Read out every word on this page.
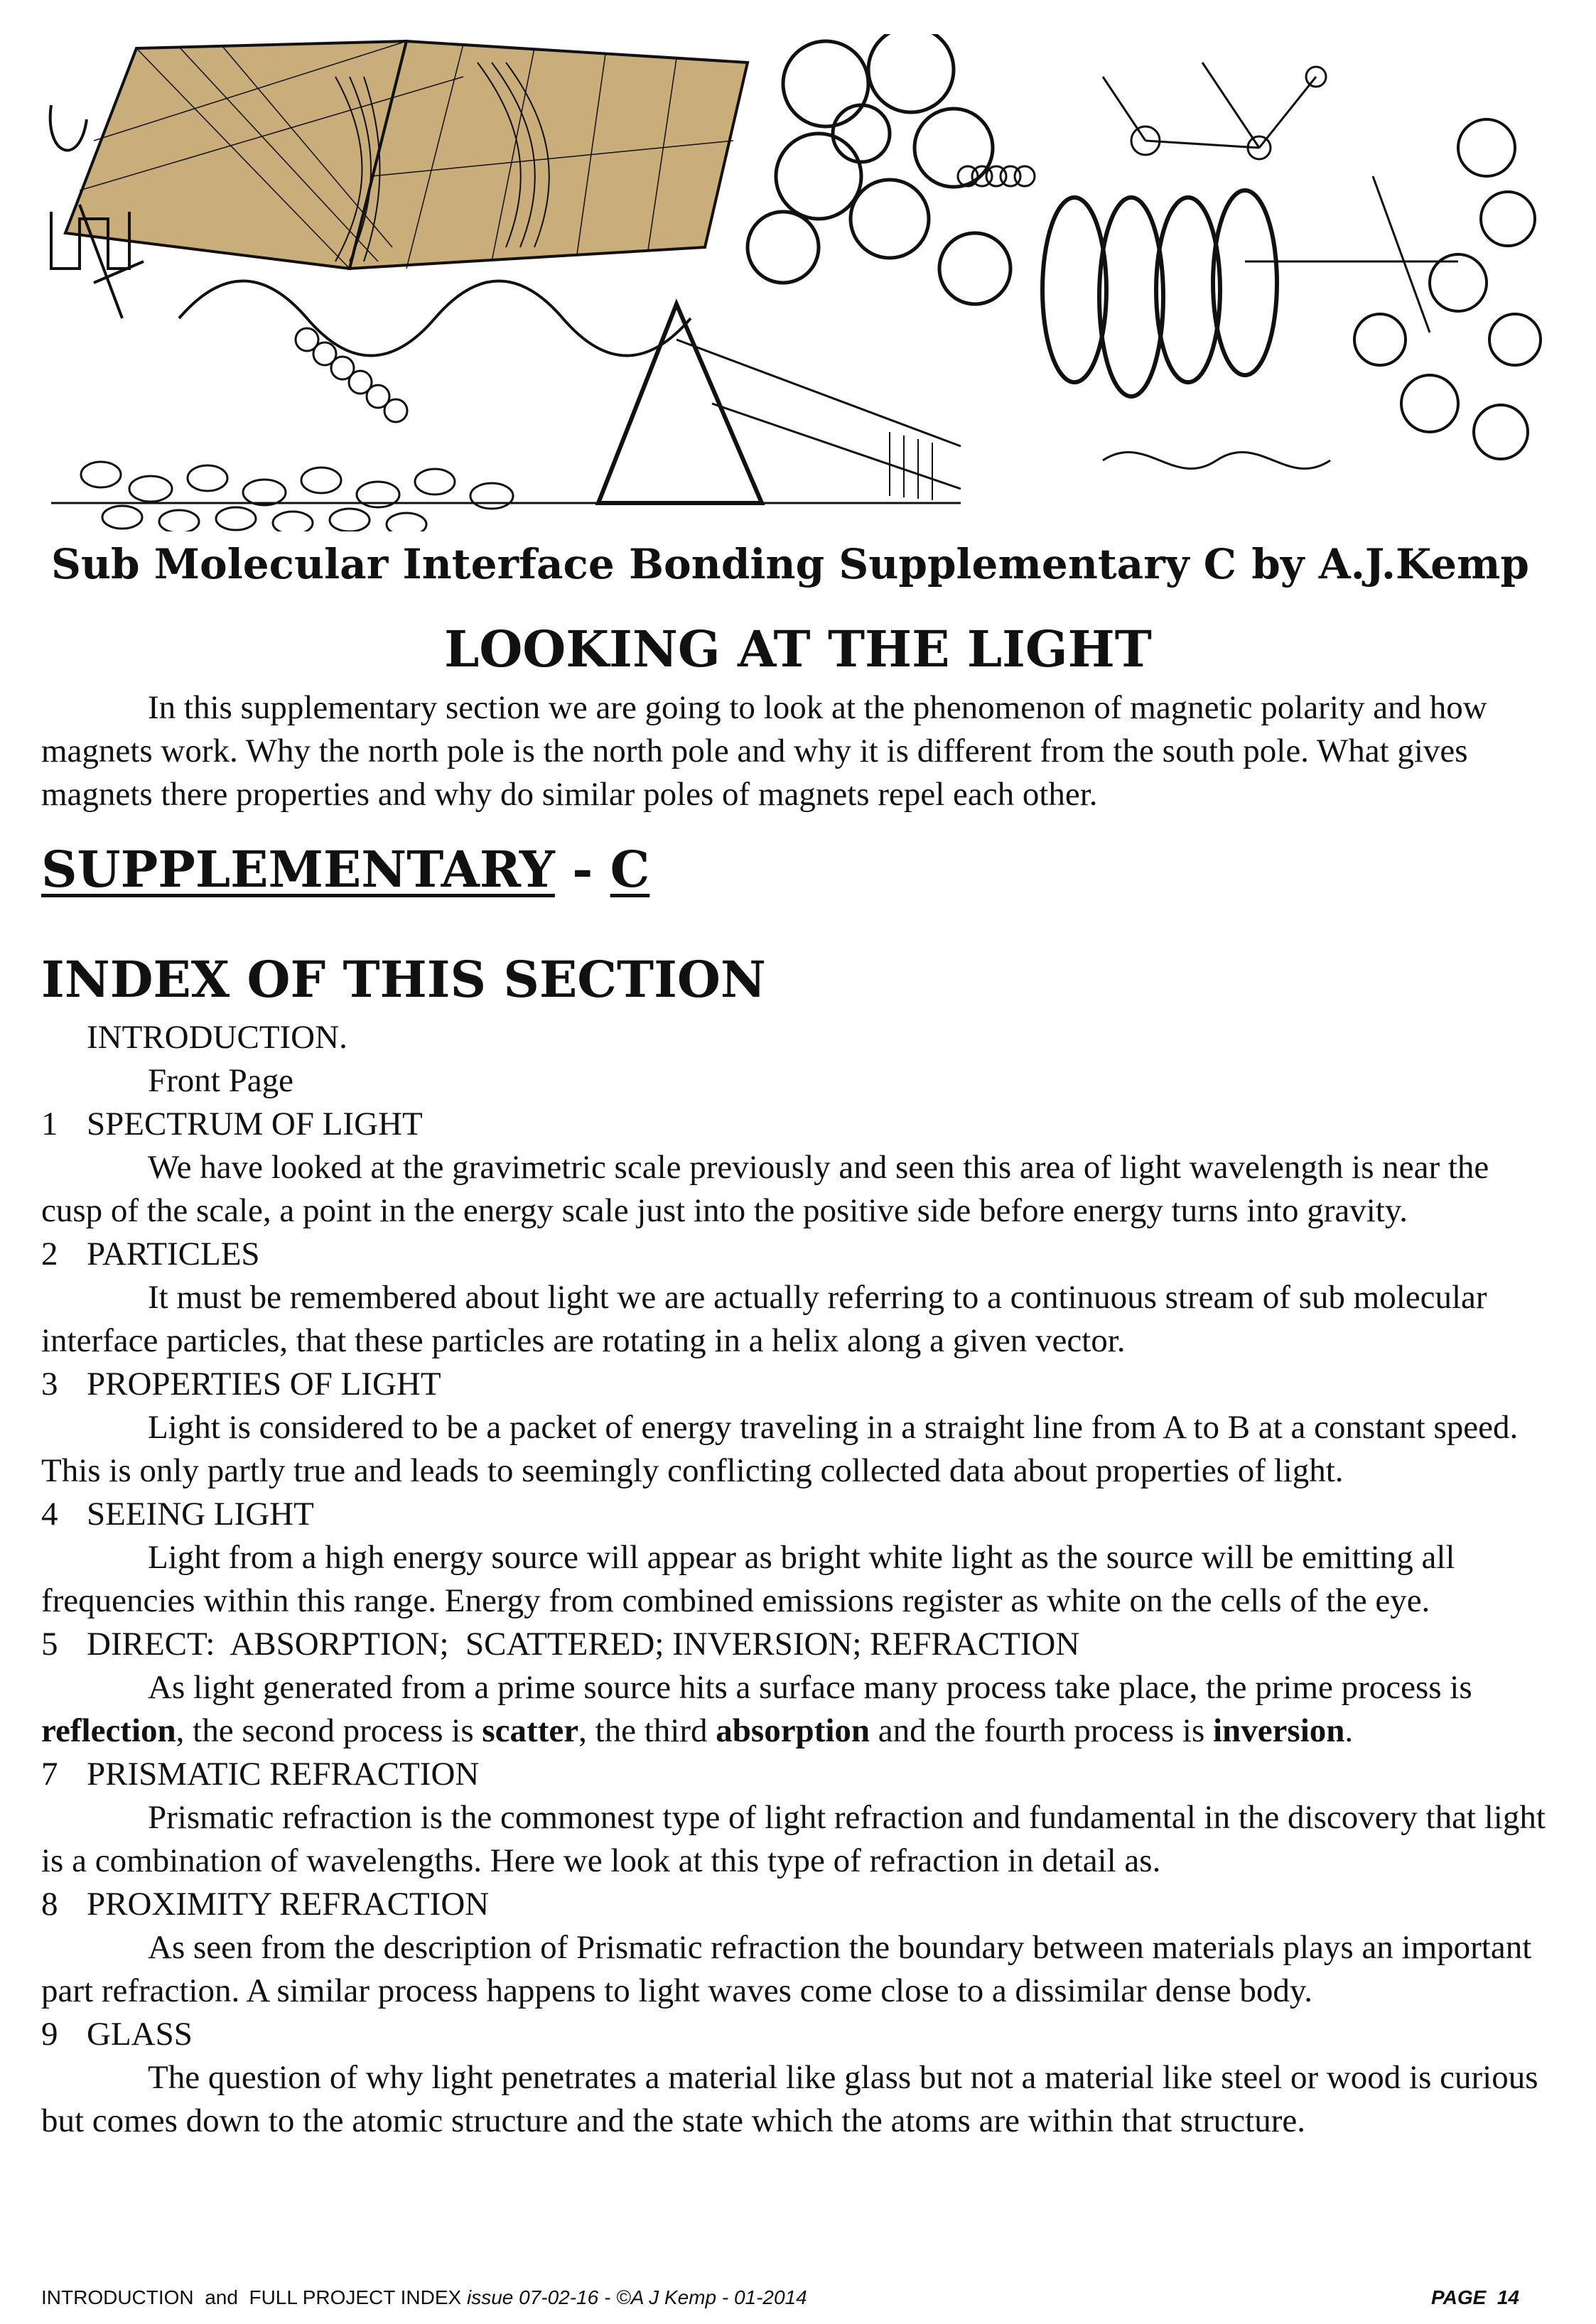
Sub Molecular Interface Bonding Supplementary C by A.J.Kemp
LOOKING AT THE LIGHT

In this supplementary section we are going to look at the phenomenon of magnetic polarity and how magnets work. Why the north pole is the north pole and why it is different from the south pole. What gives magnets there properties and why do similar poles of magnets repel each other.

SUPPLEMENTARY - C
INDEX OF THIS SECTION

INTRODUCTION.

Front Page

1 SPECTRUM OF LIGHT

We have looked at the gravimetric scale previously and seen this area of light wavelength is near the cusp of the scale, a point in the energy scale just into the positive side before energy turns into gravity.

2 PARTICLES

It must be remembered about light we are actually referring to a continuous stream of sub molecular interface particles, that these particles are rotating in a helix along a given vector.

3 PROPERTIES OF LIGHT

Light is considered to be a packet of energy traveling in a straight line from A to B at a constant speed. This is only partly true and leads to seemingly conflicting collected data about properties of light.

4 SEEING LIGHT

Light from a high energy source will appear as bright white light as the source will be emitting all frequencies within this range. Energy from combined emissions register as white on the cells of the eye.

5 DIRECT:  ABSORPTION;  SCATTERED; INVERSION; REFRACTION

As light generated from a prime source hits a surface many process take place, the prime process is reflection, the second process is scatter, the third absorption and the fourth process is inversion.

7 PRISMATIC REFRACTION

Prismatic refraction is the commonest type of light refraction and fundamental in the discovery that light is a combination of wavelengths. Here we look at this type of refraction in detail as.

8 PROXIMITY REFRACTION

As seen from the description of Prismatic refraction the boundary between materials plays an important part refraction. A similar process happens to light waves come close to a dissimilar dense body.

9 GLASS

The question of why light penetrates a material like glass but not a material like steel or wood is curious but comes down to the atomic structure and the state which the atoms are within that structure.

INTRODUCTION  and  FULL PROJECT INDEX issue 07-02-16 - ©A J Kemp - 01-2014	PAGE  14
